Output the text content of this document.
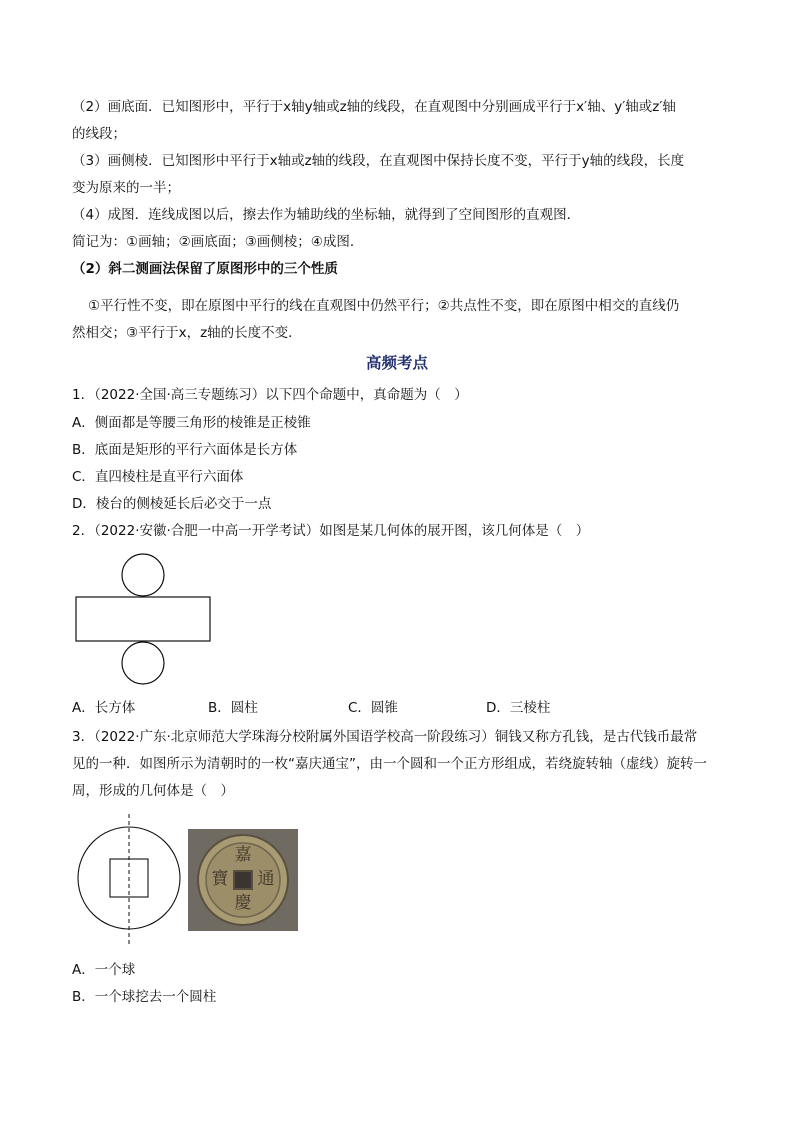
（2）画底面．已知图形中，平行于x轴y轴或z轴的线段，在直观图中分别画成平行于x′轴、y′轴或z′轴
的线段；
（3）画侧棱．已知图形中平行于x轴或z轴的线段，在直观图中保持长度不变，平行于y轴的线段，长度
变为原来的一半；
（4）成图．连线成图以后，擦去作为辅助线的坐标轴，就得到了空间图形的直观图．
简记为：①画轴；②画底面；③画侧棱；④成图．
（2）斜二测画法保留了原图形中的三个性质
①平行性不变，即在原图中平行的线在直观图中仍然平行；②共点性不变，即在原图中相交的直线仍
然相交；③平行于x，z轴的长度不变．
高频考点
1．（2022·全国·高三专题练习）以下四个命题中，真命题为（　）
A．侧面都是等腰三角形的棱锥是正棱锥
B．底面是矩形的平行六面体是长方体
C．直四棱柱是直平行六面体
D．棱台的侧棱延长后必交于一点
2．（2022·安徽·合肥一中高一开学考试）如图是某几何体的展开图，该几何体是（　）
A．长方体	B．圆柱	C．圆锥	D．三棱柱
3．（2022·广东·北京师范大学珠海分校附属外国语学校高一阶段练习）铜钱又称方孔钱，是古代钱币最常
见的一种．如图所示为清朝时的一枚“嘉庆通宝”，由一个圆和一个正方形组成，若绕旋转轴（虚线）旋转一
周，形成的几何体是（　）
嘉
慶
通
寶
A．一个球
B．一个球挖去一个圆柱
